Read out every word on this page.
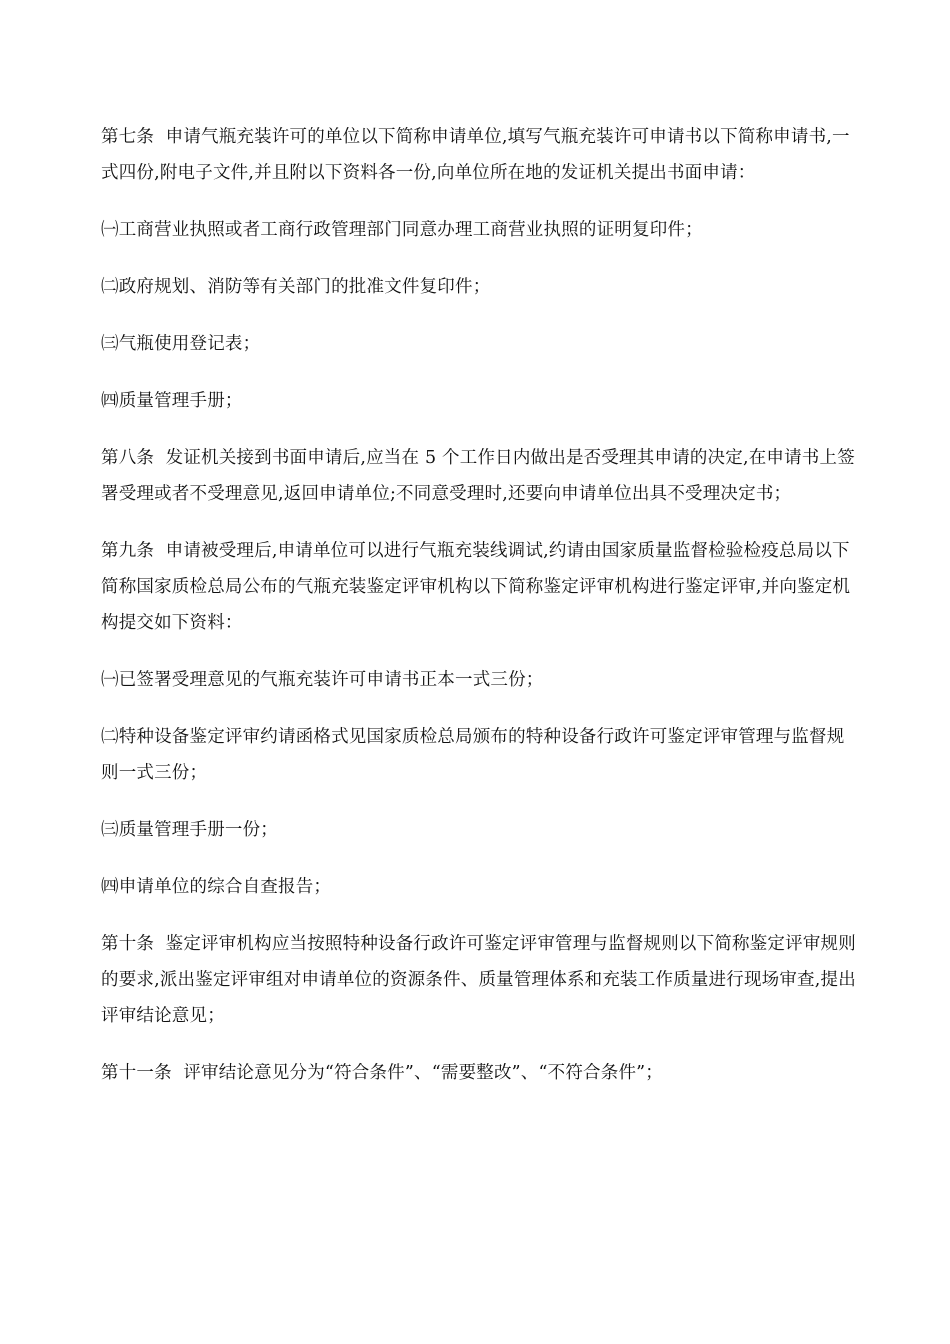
第七条  申请气瓶充装许可的单位以下简称申请单位,填写气瓶充装许可申请书以下简称申请书,一式四份,附电子文件,并且附以下资料各一份,向单位所在地的发证机关提出书面申请：

㈠工商营业执照或者工商行政管理部门同意办理工商营业执照的证明复印件；

㈡政府规划、消防等有关部门的批准文件复印件；

㈢气瓶使用登记表；

㈣质量管理手册；

第八条  发证机关接到书面申请后,应当在 5 个工作日内做出是否受理其申请的决定,在申请书上签署受理或者不受理意见,返回申请单位;不同意受理时,还要向申请单位出具不受理决定书；

第九条  申请被受理后,申请单位可以进行气瓶充装线调试,约请由国家质量监督检验检疫总局以下简称国家质检总局公布的气瓶充装鉴定评审机构以下简称鉴定评审机构进行鉴定评审,并向鉴定机构提交如下资料：

㈠已签署受理意见的气瓶充装许可申请书正本一式三份；

㈡特种设备鉴定评审约请函格式见国家质检总局颁布的特种设备行政许可鉴定评审管理与监督规则一式三份；

㈢质量管理手册一份；

㈣申请单位的综合自查报告；

第十条  鉴定评审机构应当按照特种设备行政许可鉴定评审管理与监督规则以下简称鉴定评审规则的要求,派出鉴定评审组对申请单位的资源条件、质量管理体系和充装工作质量进行现场审查,提出评审结论意见；

第十一条  评审结论意见分为“符合条件”、“需要整改”、“不符合条件”；
